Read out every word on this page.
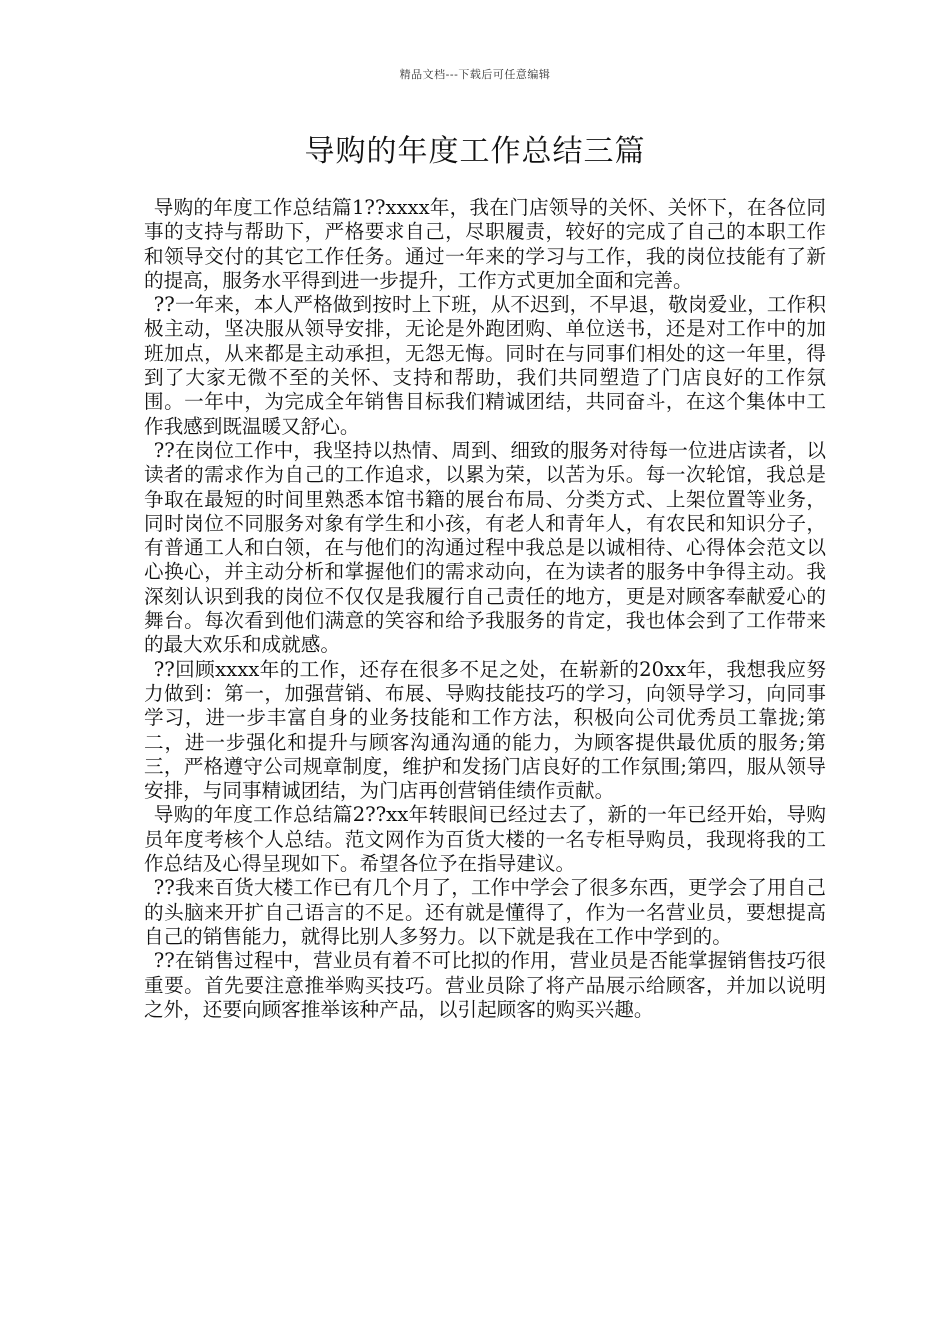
精品文档---下载后可任意编辑
导购的年度工作总结三篇

导购的年度工作总结篇1??xxxx年，我在门店领导的关怀、关怀下，在各位同事的支持与帮助下，严格要求自己，尽职履责，较好的完成了自己的本职工作和领导交付的其它工作任务。通过一年来的学习与工作，我的岗位技能有了新的提高，服务水平得到进一步提升，工作方式更加全面和完善。

??一年来，本人严格做到按时上下班，从不迟到，不早退，敬岗爱业，工作积极主动，坚决服从领导安排，无论是外跑团购、单位送书，还是对工作中的加班加点，从来都是主动承担，无怨无悔。同时在与同事们相处的这一年里，得到了大家无微不至的关怀、支持和帮助，我们共同塑造了门店良好的工作氛围。一年中，为完成全年销售目标我们精诚团结，共同奋斗，在这个集体中工作我感到既温暖又舒心。

??在岗位工作中，我坚持以热情、周到、细致的服务对待每一位进店读者，以读者的需求作为自己的工作追求，以累为荣，以苦为乐。每一次轮馆，我总是争取在最短的时间里熟悉本馆书籍的展台布局、分类方式、上架位置等业务，同时岗位不同服务对象有学生和小孩，有老人和青年人，有农民和知识分子，有普通工人和白领，在与他们的沟通过程中我总是以诚相待、心得体会范文以心换心，并主动分析和掌握他们的需求动向，在为读者的服务中争得主动。我深刻认识到我的岗位不仅仅是我履行自己责任的地方，更是对顾客奉献爱心的舞台。每次看到他们满意的笑容和给予我服务的肯定，我也体会到了工作带来的最大欢乐和成就感。

??回顾xxxx年的工作，还存在很多不足之处，在崭新的20xx年，我想我应努力做到：第一，加强营销、布展、导购技能技巧的学习，向领导学习，向同事学习，进一步丰富自身的业务技能和工作方法，积极向公司优秀员工靠拢;第二，进一步强化和提升与顾客沟通沟通的能力，为顾客提供最优质的服务;第三，严格遵守公司规章制度，维护和发扬门店良好的工作氛围;第四，服从领导安排，与同事精诚团结，为门店再创营销佳绩作贡献。

导购的年度工作总结篇2??xx年转眼间已经过去了，新的一年已经开始，导购员年度考核个人总结。范文网作为百货大楼的一名专柜导购员，我现将我的工作总结及心得呈现如下。希望各位予在指导建议。

??我来百货大楼工作已有几个月了，工作中学会了很多东西，更学会了用自己的头脑来开扩自己语言的不足。还有就是懂得了，作为一名营业员，要想提高自己的销售能力，就得比别人多努力。以下就是我在工作中学到的。

??在销售过程中，营业员有着不可比拟的作用，营业员是否能掌握销售技巧很重要。首先要注意推举购买技巧。营业员除了将产品展示给顾客，并加以说明之外，还要向顾客推举该种产品，以引起顾客的购买兴趣。
